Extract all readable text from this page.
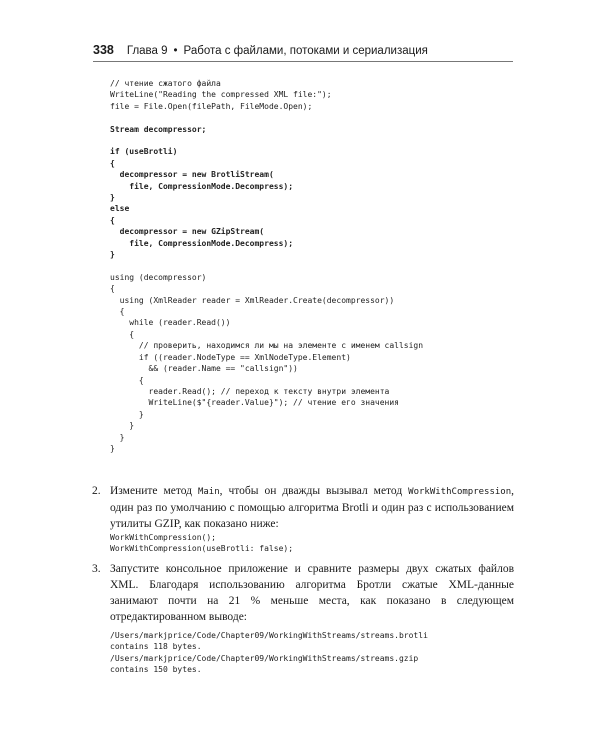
338 Глава 9 • Работа с файлами, потоками и сериализация
// чтение сжатого файла
WriteLine("Reading the compressed XML file:");
file = File.Open(filePath, FileMode.Open);
Stream decompressor;
if (useBrotli)
{
decompressor = new BrotliStream(
file, CompressionMode.Decompress);
}
else
{
decompressor = new GZipStream(
file, CompressionMode.Decompress);
}
using (decompressor)
{
using (XmlReader reader = XmlReader.Create(decompressor))
{
while (reader.Read())
{
// проверить, находимся ли мы на элементе с именем callsign
if ((reader.NodeType == XmlNodeType.Element)
&& (reader.Name == "callsign"))
{
reader.Read(); // переход к тексту внутри элемента
WriteLine($"{reader.Value}"); // чтение его значения
}
}
}
}
2. Измените метод Main, чтобы он дважды вызывал метод WorkWithCompression, один раз по умолчанию с помощью алгоритма Brotli и один раз с использованием утилиты GZIP, как показано ниже:
WorkWithCompression();
WorkWithCompression(useBrotli: false);
3. Запустите консольное приложение и сравните размеры двух сжатых файлов XML. Благодаря использованию алгоритма Бротли сжатые XML-данные занимают почти на 21 % меньше места, как показано в следующем отредактированном выводе:
/Users/markjprice/Code/Chapter09/WorkingWithStreams/streams.brotli
contains 118 bytes.
/Users/markjprice/Code/Chapter09/WorkingWithStreams/streams.gzip
contains 150 bytes.
